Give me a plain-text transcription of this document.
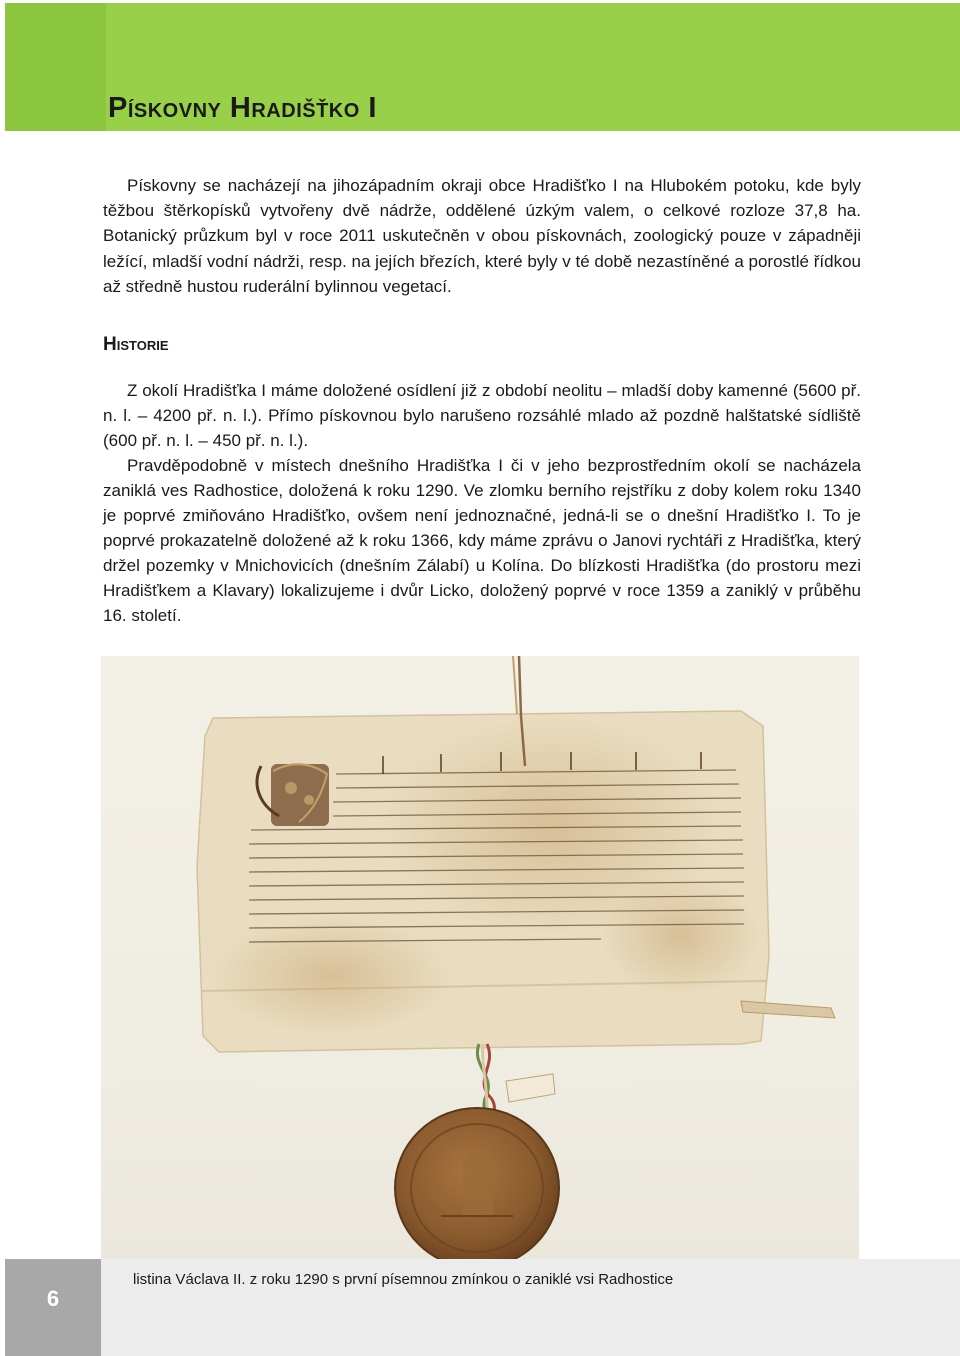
Pískovny Hradišťko I

Pískovny se nacházejí na jihozápadním okraji obce Hradišťko I na Hlubokém potoku, kde byly těžbou štěrkopísků vytvořeny dvě nádrže, oddělené úzkým valem, o celkové rozloze 37,8 ha. Botanický průzkum byl v roce 2011 uskutečněn v obou pískovnách, zoologický pouze v západněji ležící, mladší vodní nádrži, resp. na jejích březích, které byly v té době nezastíněné a porostlé řídkou až středně hustou ruderální bylinnou vegetací.

Historie

Z okolí Hradišťka I máme doložené osídlení již z období neolitu – mladší doby kamenné (5600 př. n. l. – 4200 př. n. l.). Přímo pískovnou bylo narušeno rozsáhlé mlado až pozdně halštatské sídliště (600 př. n. l. – 450 př. n. l.).

Pravděpodobně v místech dnešního Hradišťka I či v jeho bezprostředním okolí se nacházela zaniklá ves Radhostice, doložená k roku 1290. Ve zlomku berního rejstříku z doby kolem roku 1340 je poprvé zmiňováno Hradišťko, ovšem není jednoznačné, jedná-li se o dnešní Hradišťko I. To je poprvé prokazatelně doložené až k roku 1366, kdy máme zprávu o Janovi rychtáři z Hradišťka, který držel pozemky v Mnichovicích (dnešním Zálabí) u Kolína. Do blízkosti Hradišťka (do prostoru mezi Hradišťkem a Klavary) lokalizujeme i dvůr Licko, doložený poprvé v roce 1359 a zaniklý v průběhu 16. století.

6

listina Václava II. z roku 1290 s první písemnou zmínkou o zaniklé vsi Radhostice
